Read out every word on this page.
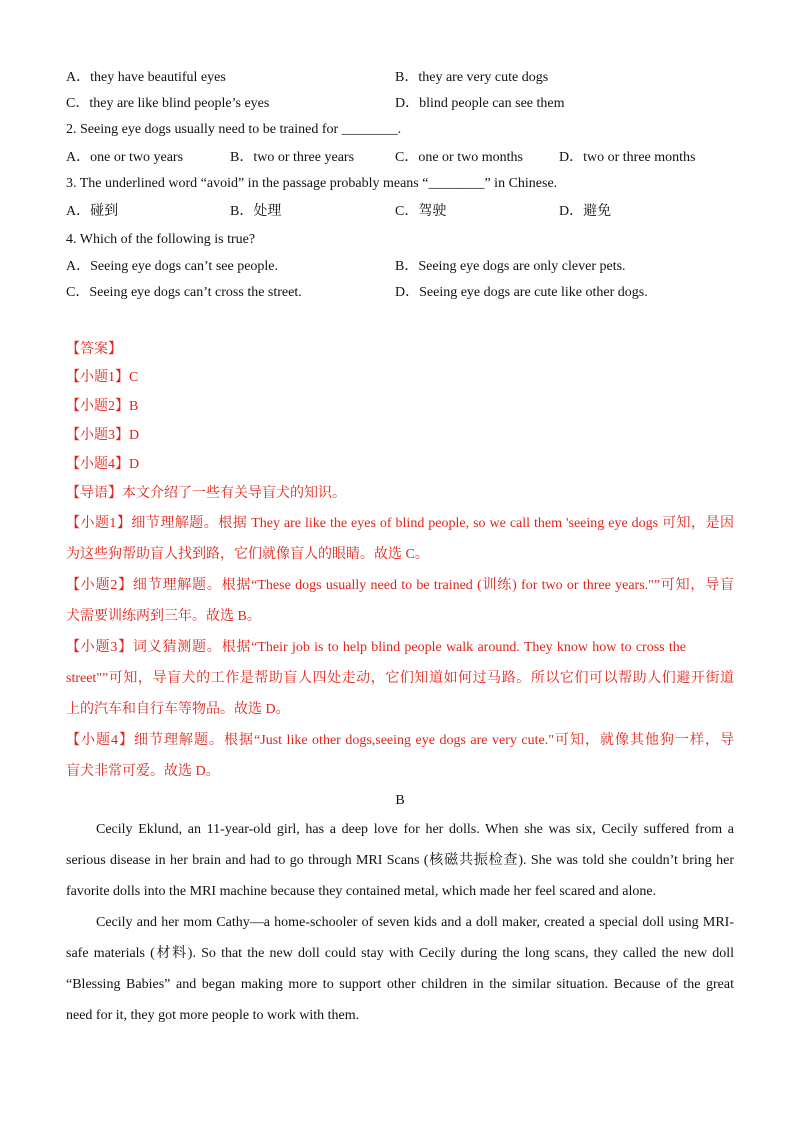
A．they have beautiful eyes	B．they are very cute dogs
C．they are like blind people’s eyes	D．blind people can see them
2. Seeing eye dogs usually need to be trained for ________.
A．one or two years	B．two or three years	C．one or two months	D．two or three months
3. The underlined word “avoid” in the passage probably means “________” in Chinese.
A．碰到	B．处理	C．驾驶	D．避免
4. Which of the following is true?
A．Seeing eye dogs can’t see people.	B．Seeing eye dogs are only clever pets.
C．Seeing eye dogs can’t cross the street.	D．Seeing eye dogs are cute like other dogs.
【答案】
【小题1】C
【小题2】B
【小题3】D
【小题4】D
【导语】本文介绍了一些有关导盲犬的知识。
【小题1】细节理解题。根据 They are like the eyes of blind people, so we call them 'seeing eye dogs 可知，是因
为这些狗帮助盲人找到路，它们就像盲人的眼睛。故选 C。
【小题2】细节理解题。根据“These dogs usually need to be trained (训练) for two or three years."”可知，导盲
犬需要训练两到三年。故选 B。
【小题3】词义猜测题。根据“Their job is to help blind people walk around. They know how to cross the
street"”可知，导盲犬的工作是帮助盲人四处走动，它们知道如何过马路。所以它们可以帮助人们避开街道
上的汽车和自行车等物品。故选 D。
【小题4】细节理解题。根据“Just like other dogs,seeing eye dogs are very cute."可知，就像其他狗一样，导
盲犬非常可爱。故选 D。
B
Cecily Eklund, an 11-year-old girl, has a deep love for her dolls. When she was six, Cecily suffered from a
serious disease in her brain and had to go through MRI Scans (核磁共振检查). She was told she couldn’t bring her
favorite dolls into the MRI machine because they contained metal, which made her feel scared and alone.
Cecily and her mom Cathy—a home-schooler of seven kids and a doll maker, created a special doll using MRI-
safe materials (材料). So that the new doll could stay with Cecily during the long scans, they called the new doll
“Blessing Babies” and began making more to support other children in the similar situation. Because of the great
need for it, they got more people to work with them.
